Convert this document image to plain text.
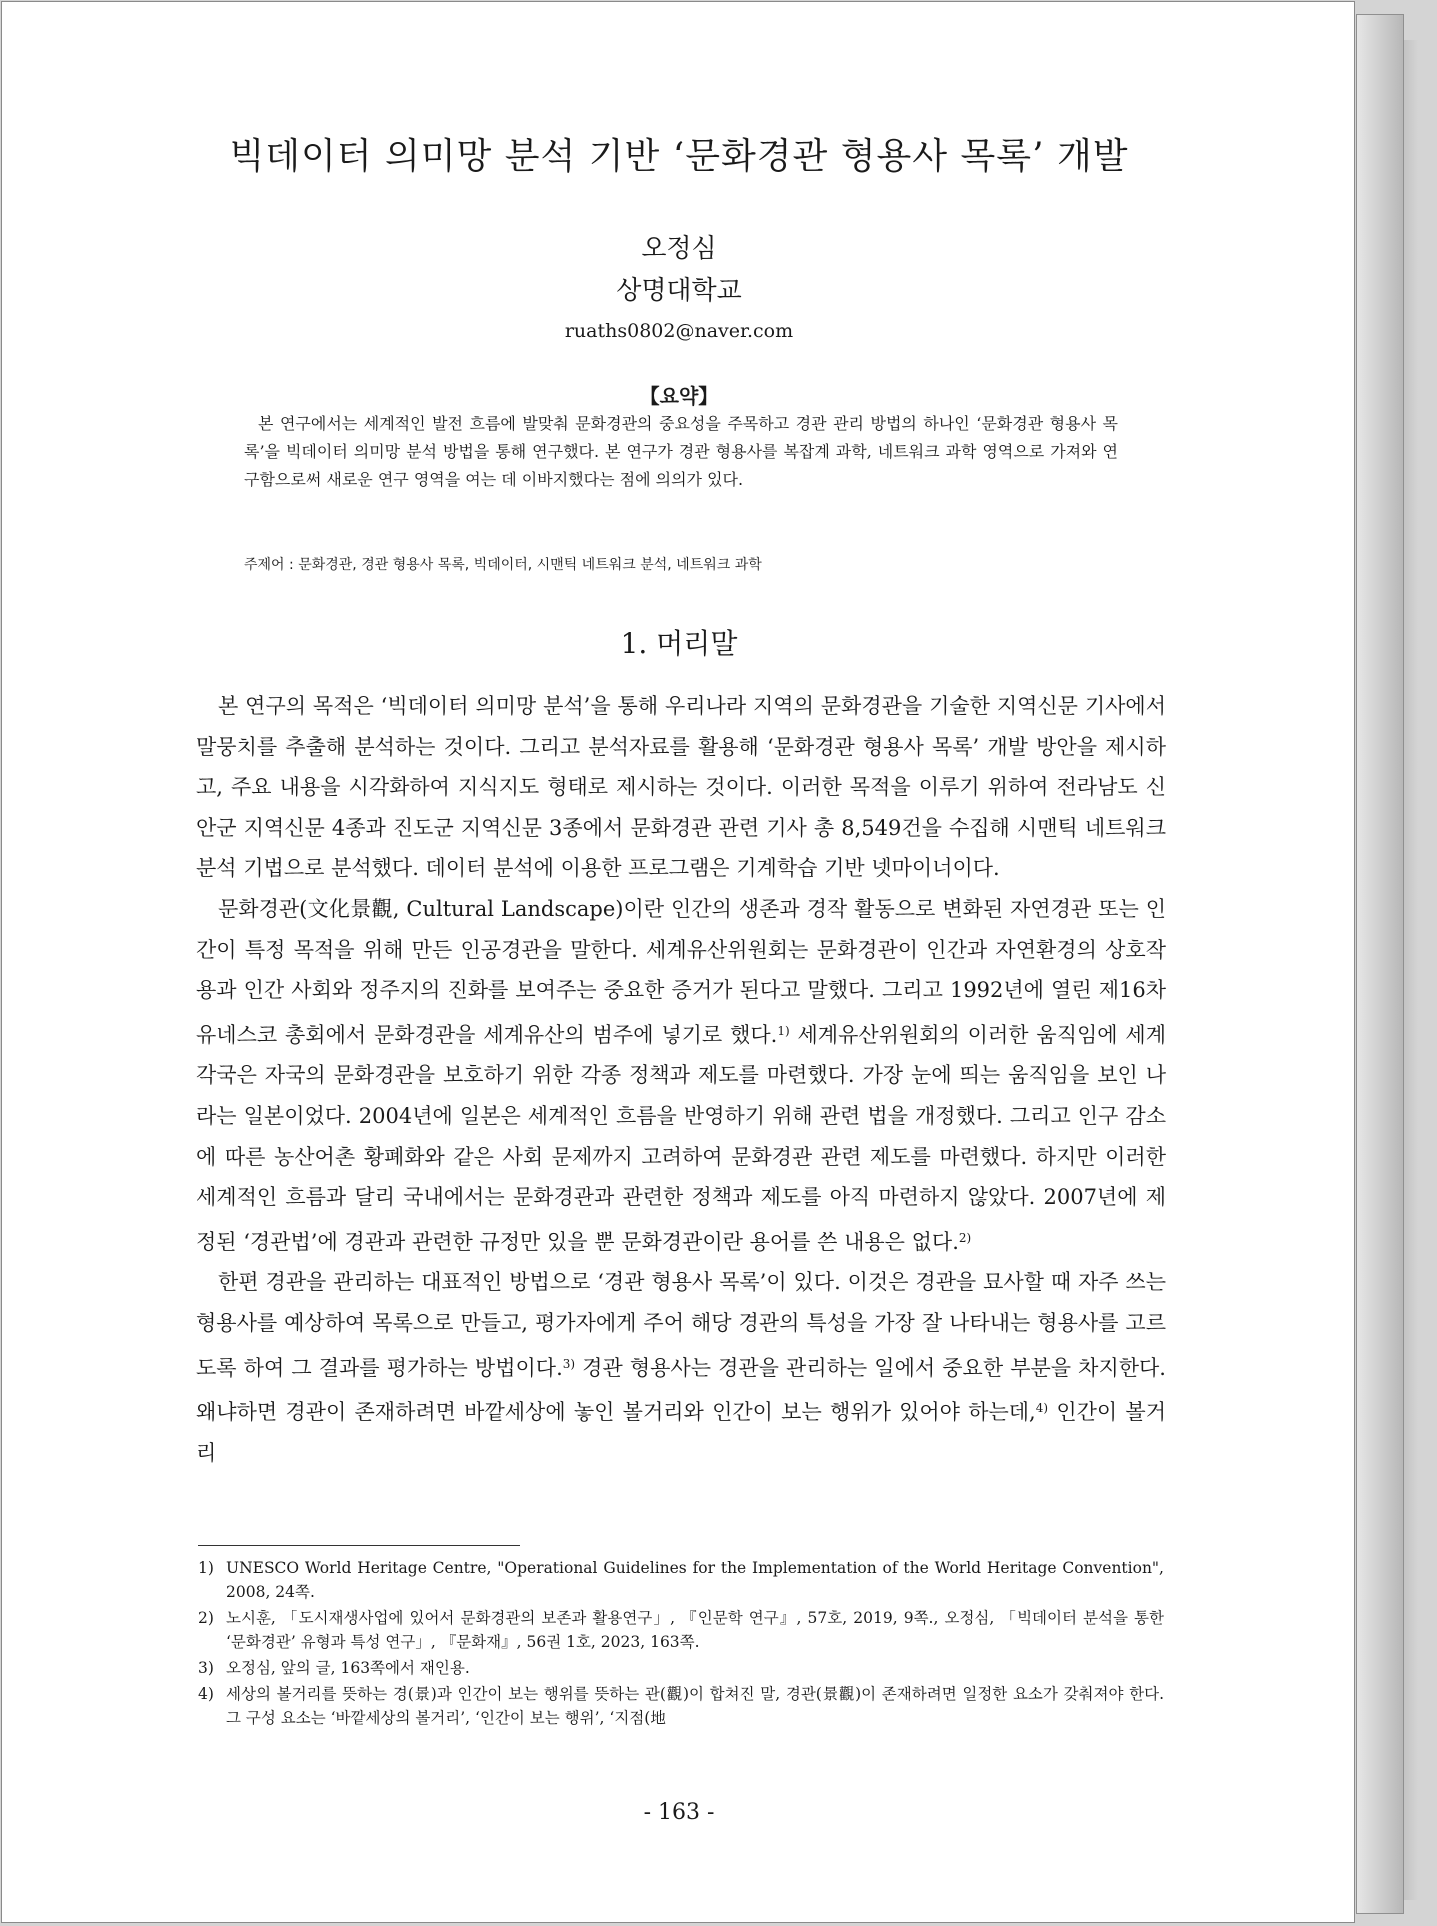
빅데이터 의미망 분석 기반 ‘문화경관 형용사 목록’ 개발
오정심
상명대학교
ruaths0802@naver.com
【요약】
본 연구에서는 세계적인 발전 흐름에 발맞춰 문화경관의 중요성을 주목하고 경관 관리 방법의 하나인 ‘문화경관 형용사 목록’을 빅데이터 의미망 분석 방법을 통해 연구했다. 본 연구가 경관 형용사를 복잡계 과학, 네트워크 과학 영역으로 가져와 연구함으로써 새로운 연구 영역을 여는 데 이바지했다는 점에 의의가 있다.
주제어 : 문화경관, 경관 형용사 목록, 빅데이터, 시맨틱 네트워크 분석, 네트워크 과학
1. 머리말

본 연구의 목적은 ‘빅데이터 의미망 분석’을 통해 우리나라 지역의 문화경관을 기술한 지역신문 기사에서 말뭉치를 추출해 분석하는 것이다. 그리고 분석자료를 활용해 ‘문화경관 형용사 목록’ 개발 방안을 제시하고, 주요 내용을 시각화하여 지식지도 형태로 제시하는 것이다. 이러한 목적을 이루기 위하여 전라남도 신안군 지역신문 4종과 진도군 지역신문 3종에서 문화경관 관련 기사 총 8,549건을 수집해 시맨틱 네트워크 분석 기법으로 분석했다. 데이터 분석에 이용한 프로그램은 기계학습 기반 넷마이너이다.

문화경관(文化景觀, Cultural Landscape)이란 인간의 생존과 경작 활동으로 변화된 자연경관 또는 인간이 특정 목적을 위해 만든 인공경관을 말한다. 세계유산위원회는 문화경관이 인간과 자연환경의 상호작용과 인간 사회와 정주지의 진화를 보여주는 중요한 증거가 된다고 말했다. 그리고 1992년에 열린 제16차 유네스코 총회에서 문화경관을 세계유산의 범주에 넣기로 했다.$^{1)}$ 세계유산위원회의 이러한 움직임에 세계 각국은 자국의 문화경관을 보호하기 위한 각종 정책과 제도를 마련했다. 가장 눈에 띄는 움직임을 보인 나라는 일본이었다. 2004년에 일본은 세계적인 흐름을 반영하기 위해 관련 법을 개정했다. 그리고 인구 감소에 따른 농산어촌 황폐화와 같은 사회 문제까지 고려하여 문화경관 관련 제도를 마련했다. 하지만 이러한 세계적인 흐름과 달리 국내에서는 문화경관과 관련한 정책과 제도를 아직 마련하지 않았다. 2007년에 제정된 ‘경관법’에 경관과 관련한 규정만 있을 뿐 문화경관이란 용어를 쓴 내용은 없다.$^{2)}$

한편 경관을 관리하는 대표적인 방법으로 ‘경관 형용사 목록’이 있다. 이것은 경관을 묘사할 때 자주 쓰는 형용사를 예상하여 목록으로 만들고, 평가자에게 주어 해당 경관의 특성을 가장 잘 나타내는 형용사를 고르도록 하여 그 결과를 평가하는 방법이다.$^{3)}$ 경관 형용사는 경관을 관리하는 일에서 중요한 부분을 차지한다. 왜냐하면 경관이 존재하려면 바깥세상에 놓인 볼거리와 인간이 보는 행위가 있어야 하는데,$^{4)}$ 인간이 볼거리

1) UNESCO World Heritage Centre, "Operational Guidelines for the Implementation of the World Heritage Convention", 2008, 24쪽.
2) 노시훈, 「도시재생사업에 있어서 문화경관의 보존과 활용연구」, 『인문학 연구』, 57호, 2019, 9쪽., 오정심, 「빅데이터 분석을 통한 ‘문화경관’ 유형과 특성 연구」, 『문화재』, 56권 1호, 2023, 163쪽.
3) 오정심, 앞의 글, 163쪽에서 재인용.
4) 세상의 볼거리를 뜻하는 경(景)과 인간이 보는 행위를 뜻하는 관(觀)이 합쳐진 말, 경관(景觀)이 존재하려면 일정한 요소가 갖춰져야 한다. 그 구성 요소는 ‘바깥세상의 볼거리’, ‘인간이 보는 행위’, ‘지점(地
- 163 -
